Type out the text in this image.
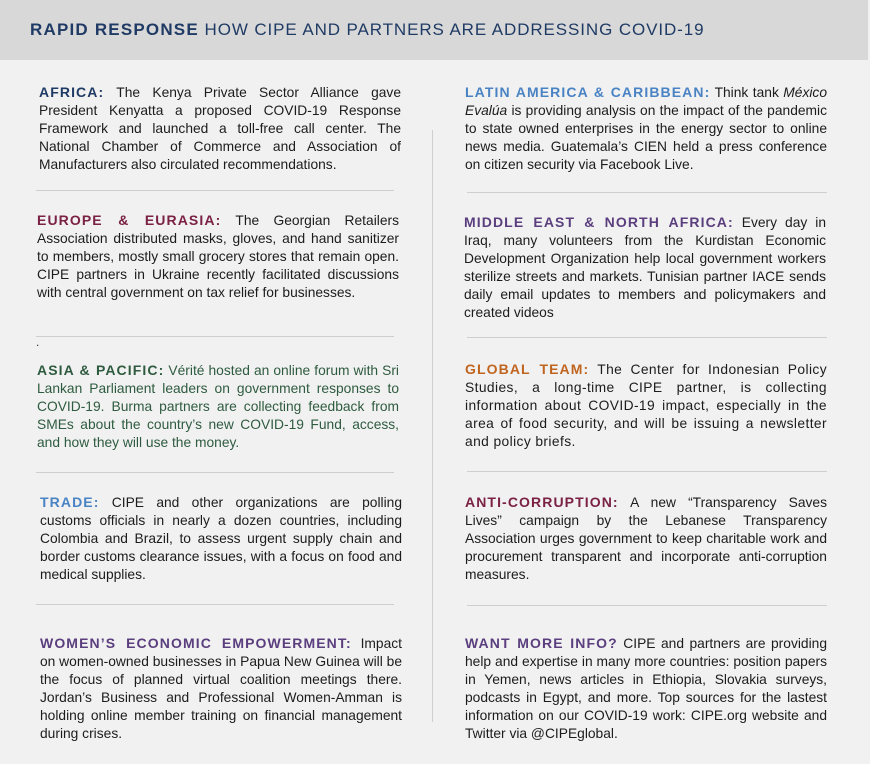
RAPID RESPONSE HOW CIPE AND PARTNERS ARE ADDRESSING COVID-19
AFRICA: The Kenya Private Sector Alliance gave President Kenyatta a proposed COVID-19 Response Framework and launched a toll-free call center. The National Chamber of Commerce and Association of Manufacturers also circulated recommendations.
EUROPE & EURASIA: The Georgian Retailers Association distributed masks, gloves, and hand sanitizer to members, mostly small grocery stores that remain open. CIPE partners in Ukraine recently facilitated discussions with central government on tax relief for businesses.
.
ASIA & PACIFIC: Vérité hosted an online forum with Sri Lankan Parliament leaders on government responses to COVID-19. Burma partners are collecting feedback from SMEs about the country’s new COVID-19 Fund, access, and how they will use the money.
TRADE: CIPE and other organizations are polling customs officials in nearly a dozen countries, including Colombia and Brazil, to assess urgent supply chain and border customs clearance issues, with a focus on food and medical supplies.
WOMEN’S ECONOMIC EMPOWERMENT: Impact on women-owned businesses in Papua New Guinea will be the focus of planned virtual coalition meetings there. Jordan’s Business and Professional Women-Amman is holding online member training on financial management during crises.
LATIN AMERICA & CARIBBEAN: Think tank México Evalúa is providing analysis on the impact of the pandemic to state owned enterprises in the energy sector to online news media. Guatemala’s CIEN held a press conference on citizen security via Facebook Live.
MIDDLE EAST & NORTH AFRICA: Every day in Iraq, many volunteers from the Kurdistan Economic Development Organization help local government workers sterilize streets and markets. Tunisian partner IACE sends daily email updates to members and policymakers and created videos
GLOBAL TEAM: The Center for Indonesian Policy Studies, a long-time CIPE partner, is collecting information about COVID-19 impact, especially in the area of food security, and will be issuing a newsletter and policy briefs.
ANTI-CORRUPTION: A new “Transparency Saves Lives” campaign by the Lebanese Transparency Association urges government to keep charitable work and procurement transparent and incorporate anti-corruption measures.
WANT MORE INFO? CIPE and partners are providing help and expertise in many more countries: position papers in Yemen, news articles in Ethiopia, Slovakia surveys, podcasts in Egypt, and more. Top sources for the lastest information on our COVID-19 work: CIPE.org website and Twitter via @CIPEglobal.
